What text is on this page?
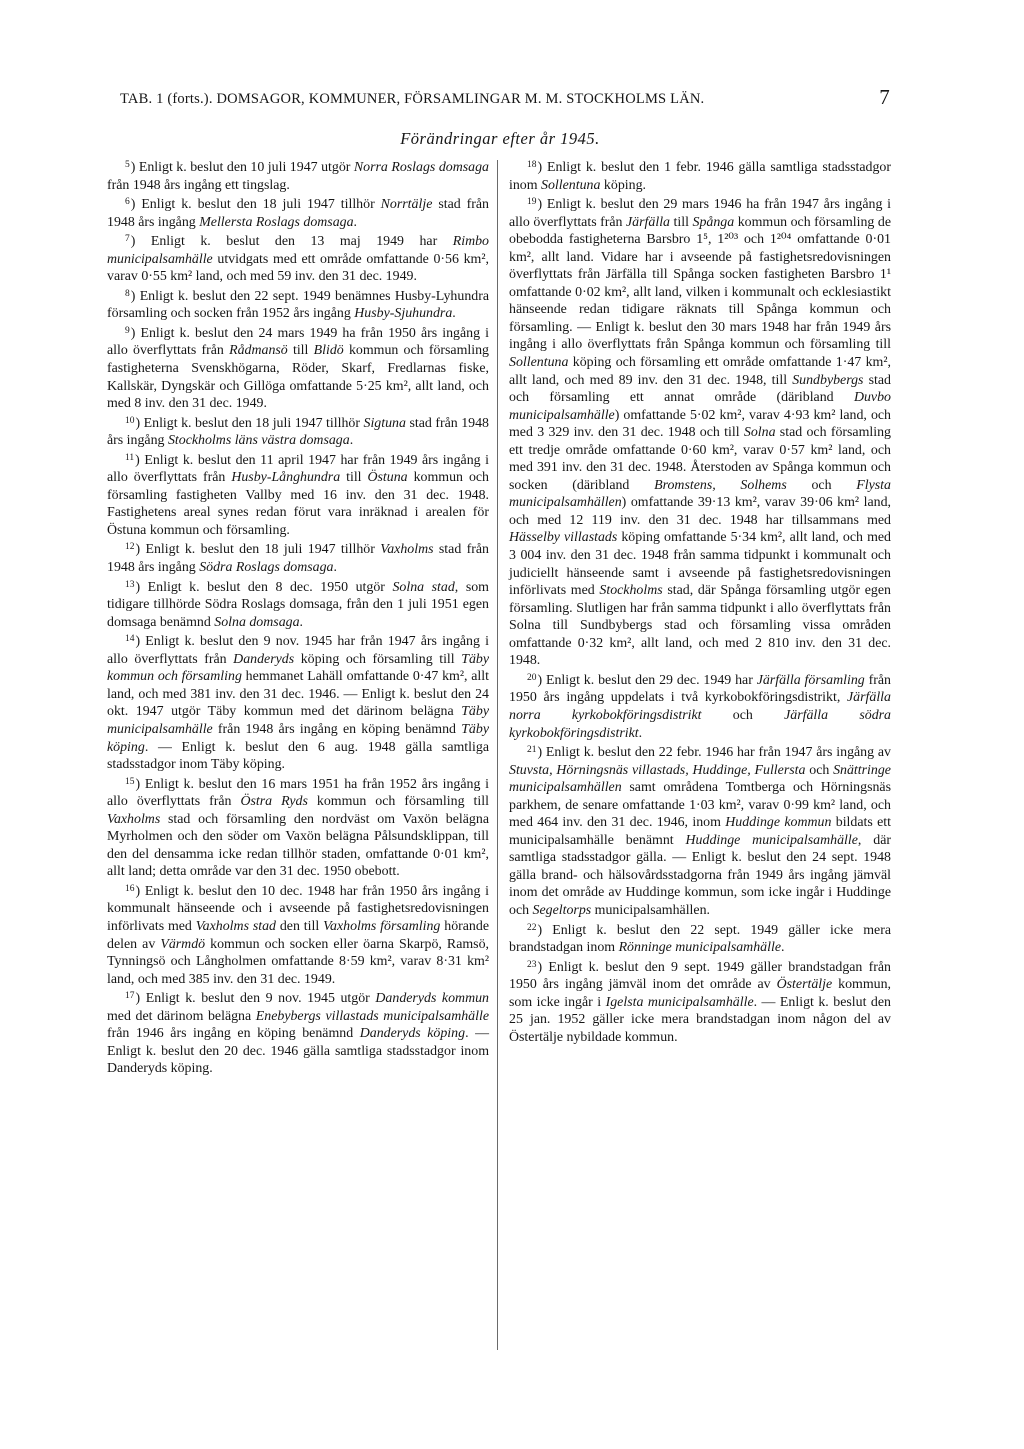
TAB. 1 (forts.). DOMSAGOR, KOMMUNER, FÖRSAMLINGAR M. M. STOCKHOLMS LÄN.	7
Förändringar efter år 1945.

$^5$) Enligt k. beslut den 10 juli 1947 utgör Norra Roslags domsaga från 1948 års ingång ett tingslag.

$^6$) Enligt k. beslut den 18 juli 1947 tillhör Norrtälje stad från 1948 års ingång Mellersta Roslags domsaga.

$^7$) Enligt k. beslut den 13 maj 1949 har Rimbo municipalsamhälle utvidgats med ett område omfattande 0·56 km², varav 0·55 km² land, och med 59 inv. den 31 dec. 1949.

$^8$) Enligt k. beslut den 22 sept. 1949 benämnes Husby-Lyhundra församling och socken från 1952 års ingång Husby-Sjuhundra.

$^9$) Enligt k. beslut den 24 mars 1949 ha från 1950 års ingång i allo överflyttats från Rådmansö till Blidö kommun och församling fastigheterna Svenskhögarna, Röder, Skarf, Fredlarnas fiske, Kallskär, Dyngskär och Gillöga omfattande 5·25 km², allt land, och med 8 inv. den 31 dec. 1949.

$^{10}$) Enligt k. beslut den 18 juli 1947 tillhör Sigtuna stad från 1948 års ingång Stockholms läns västra domsaga.

$^{11}$) Enligt k. beslut den 11 april 1947 har från 1949 års ingång i allo överflyttats från Husby-Långhundra till Östuna kommun och församling fastigheten Vallby med 16 inv. den 31 dec. 1948. Fastighetens areal synes redan förut vara inräknad i arealen för Östuna kommun och församling.

$^{12}$) Enligt k. beslut den 18 juli 1947 tillhör Vaxholms stad från 1948 års ingång Södra Roslags domsaga.

$^{13}$) Enligt k. beslut den 8 dec. 1950 utgör Solna stad, som tidigare tillhörde Södra Roslags domsaga, från den 1 juli 1951 egen domsaga benämnd Solna domsaga.

$^{14}$) Enligt k. beslut den 9 nov. 1945 har från 1947 års ingång i allo överflyttats från Danderyds köping och församling till Täby kommun och församling hemmanet Lahäll omfattande 0·47 km², allt land, och med 381 inv. den 31 dec. 1946. — Enligt k. beslut den 24 okt. 1947 utgör Täby kommun med det därinom belägna Täby municipalsamhälle från 1948 års ingång en köping benämnd Täby köping. — Enligt k. beslut den 6 aug. 1948 gälla samtliga stadsstadgor inom Täby köping.

$^{15}$) Enligt k. beslut den 16 mars 1951 ha från 1952 års ingång i allo överflyttats från Östra Ryds kommun och församling till Vaxholms stad och församling den nordväst om Vaxön belägna Myrholmen och den söder om Vaxön belägna Pålsundsklippan, till den del densamma icke redan tillhör staden, omfattande 0·01 km², allt land; detta område var den 31 dec. 1950 obebott.

$^{16}$) Enligt k. beslut den 10 dec. 1948 har från 1950 års ingång i kommunalt hänseende och i avseende på fastighetsredovisningen införlivats med Vaxholms stad den till Vaxholms församling hörande delen av Värmdö kommun och socken eller öarna Skarpö, Ramsö, Tynningsö och Långholmen omfattande 8·59 km², varav 8·31 km² land, och med 385 inv. den 31 dec. 1949.

$^{17}$) Enligt k. beslut den 9 nov. 1945 utgör Danderyds kommun med det därinom belägna Enebybergs villastads municipalsamhälle från 1946 års ingång en köping benämnd Danderyds köping. — Enligt k. beslut den 20 dec. 1946 gälla samtliga stadsstadgor inom Danderyds köping.

$^{18}$) Enligt k. beslut den 1 febr. 1946 gälla samtliga stadsstadgor inom Sollentuna köping.

$^{19}$) Enligt k. beslut den 29 mars 1946 ha från 1947 års ingång i allo överflyttats från Järfälla till Spånga kommun och församling de obebodda fastigheterna Barsbro 1⁵, 1²⁰³ och 1²⁰⁴ omfattande 0·01 km², allt land. Vidare har i avseende på fastighetsredovisningen överflyttats från Järfälla till Spånga socken fastigheten Barsbro 1¹ omfattande 0·02 km², allt land, vilken i kommunalt och ecklesiastikt hänseende redan tidigare räknats till Spånga kommun och församling. — Enligt k. beslut den 30 mars 1948 har från 1949 års ingång i allo överflyttats från Spånga kommun och församling till Sollentuna köping och församling ett område omfattande 1·47 km², allt land, och med 89 inv. den 31 dec. 1948, till Sundbybergs stad och församling ett annat område (däribland Duvbo municipalsamhälle) omfattande 5·02 km², varav 4·93 km² land, och med 3 329 inv. den 31 dec. 1948 och till Solna stad och församling ett tredje område omfattande 0·60 km², varav 0·57 km² land, och med 391 inv. den 31 dec. 1948. Återstoden av Spånga kommun och socken (däribland Bromstens, Solhems och Flysta municipalsamhällen) omfattande 39·13 km², varav 39·06 km² land, och med 12 119 inv. den 31 dec. 1948 har tillsammans med Hässelby villastads köping omfattande 5·34 km², allt land, och med 3 004 inv. den 31 dec. 1948 från samma tidpunkt i kommunalt och judiciellt hänseende samt i avseende på fastighetsredovisningen införlivats med Stockholms stad, där Spånga församling utgör egen församling. Slutligen har från samma tidpunkt i allo överflyttats från Solna till Sundbybergs stad och församling vissa områden omfattande 0·32 km², allt land, och med 2 810 inv. den 31 dec. 1948.

$^{20}$) Enligt k. beslut den 29 dec. 1949 har Järfälla församling från 1950 års ingång uppdelats i två kyrkobokföringsdistrikt, Järfälla norra kyrkobokföringsdistrikt och Järfälla södra kyrkobokföringsdistrikt.

$^{21}$) Enligt k. beslut den 22 febr. 1946 har från 1947 års ingång av Stuvsta, Hörningsnäs villastads, Huddinge, Fullersta och Snättringe municipalsamhällen samt områdena Tomtberga och Hörningsnäs parkhem, de senare omfattande 1·03 km², varav 0·99 km² land, och med 464 inv. den 31 dec. 1946, inom Huddinge kommun bildats ett municipalsamhälle benämnt Huddinge municipalsamhälle, där samtliga stadsstadgor gälla. — Enligt k. beslut den 24 sept. 1948 gälla brand- och hälsovårdsstadgorna från 1949 års ingång jämväl inom det område av Huddinge kommun, som icke ingår i Huddinge och Segeltorps municipalsamhällen.

$^{22}$) Enligt k. beslut den 22 sept. 1949 gäller icke mera brandstadgan inom Rönninge municipalsamhälle.

$^{23}$) Enligt k. beslut den 9 sept. 1949 gäller brandstadgan från 1950 års ingång jämväl inom det område av Östertälje kommun, som icke ingår i Igelsta municipalsamhälle. — Enligt k. beslut den 25 jan. 1952 gäller icke mera brandstadgan inom någon del av Östertälje nybildade kommun.
